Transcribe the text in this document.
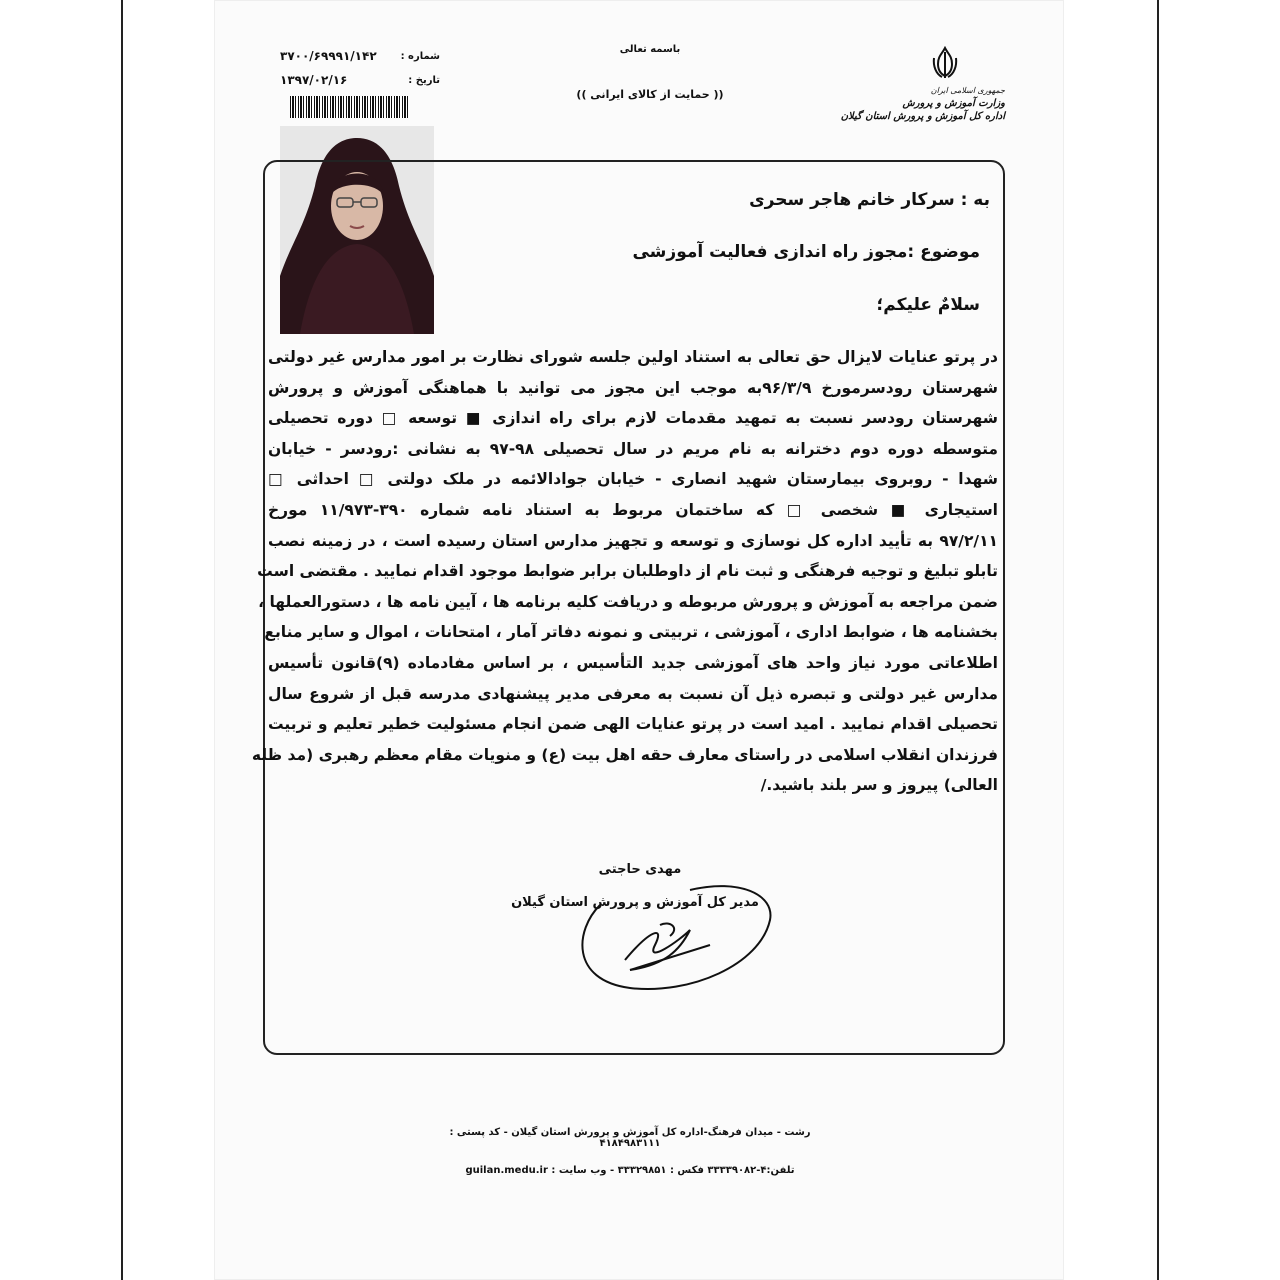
جمهوری اسلامی ایران
وزارت آموزش و پرورش
اداره کل آموزش و پرورش استان گیلان
باسمه تعالی
(( حمایت از کالای ایرانی ))
شماره :
۳۷۰۰/۶۹۹۹۱/۱۴۲
تاریخ :
۱۳۹۷/۰۲/۱۶
به : سرکار خانم هاجر سحری
موضوع :مجوز راه اندازی فعالیت آموزشی
سلامٌ علیکم؛
در پرتو عنایات لایزال حق تعالی به استناد اولین جلسه شورای نظارت بر امور مدارس غیر دولتی
شهرستان رودسرمورخ ۹۶/۳/۹به موجب این مجوز می توانید با هماهنگی آموزش و پرورش
شهرستان رودسر نسبت به تمهید مقدمات لازم برای راه اندازی ■ توسعه □ دوره تحصیلی
متوسطه دوره دوم دخترانه به نام مریم در سال تحصیلی ۹۸-۹۷ به نشانی :رودسر - خیابان
شهدا - روبروی بیمارستان شهید انصاری - خیابان جوادالائمه در ملک دولتی □ احداثی □
استیجاری ■ شخصی □ که ساختمان مربوط به استناد نامه شماره ۳۹۰-۱۱/۹۷۳ مورخ
۹۷/۲/۱۱ به تأیید اداره کل نوسازی و توسعه و تجهیز مدارس استان رسیده است ، در زمینه نصب
تابلو تبلیغ و توجیه فرهنگی و ثبت نام از داوطلبان برابر ضوابط موجود اقدام نمایید . مقتضی است
ضمن مراجعه به آموزش و پرورش مربوطه و دریافت کلیه برنامه ها ، آیین نامه ها ، دستورالعملها ،
بخشنامه ها ، ضوابط اداری ، آموزشی ، تربیتی و نمونه دفاتر آمار ، امتحانات ، اموال و سایر منابع
اطلاعاتی مورد نیاز واحد های آموزشی جدید التأسیس ، بر اساس مفادماده (۹)قانون تأسیس
مدارس غیر دولتی و تبصره ذیل آن نسبت به معرفی مدیر پیشنهادی مدرسه قبل از شروع سال
تحصیلی اقدام نمایید . امید است در پرتو عنایات الهی ضمن انجام مسئولیت خطیر تعلیم و تربیت
فرزندان انقلاب اسلامی در راستای معارف حقه اهل بیت (ع) و منویات مقام معظم رهبری (مد ظله
العالی) پیروز و سر بلند باشید./
مهدی حاجتی
مدیر کل آموزش و پرورش استان گیلان
رشت - میدان فرهنگ-اداره کل آموزش و پرورش استان گیلان - کد پستی : ۴۱۸۴۹۸۳۱۱۱
تلفن:۴-۳۳۳۳۹۰۸۲ فکس : ۳۳۳۲۹۸۵۱ - وب سایت : guilan.medu.ir
